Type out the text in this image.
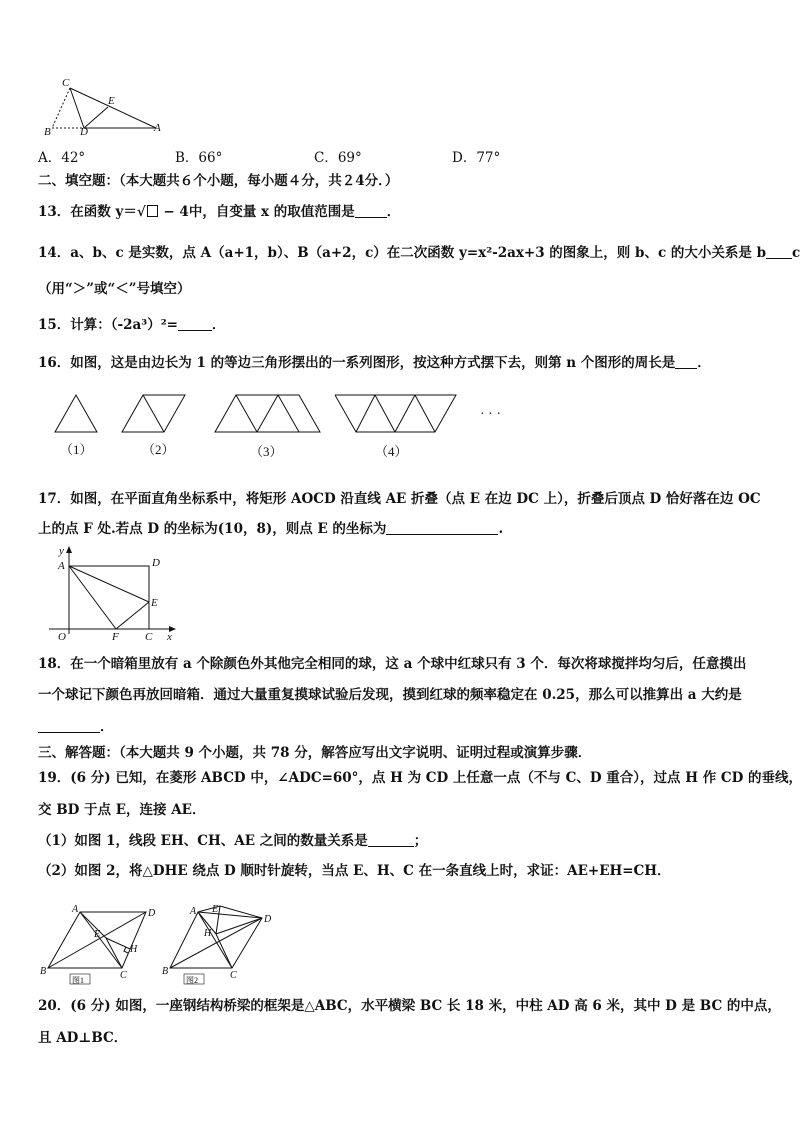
C
E
B	D	A
A．42°	B．66°	C．69°	D．77°
二、填空题：（本大题共６个小题，每小题４分，共２4分．）
13．在函数 y＝√ − 4中，自变量 x 的取值范围是 ．
14．a、b、c 是实数，点 A（a+1，b）、B（a+2，c）在二次函数 y=x²-2ax+3 的图象上，则 b、c 的大小关系是 b c
（用“＞”或“＜”号填空）
15．计算：（-2a³）²=	．
16．如图，这是由边长为 1 的等边三角形摆出的一系列图形，按这种方式摆下去，则第 n 个图形的周长是 ．
（1）	（2）	（3）	（4）
· · ·
17．如图，在平面直角坐标系中，将矩形 AOCD 沿直线 AE 折叠（点 E 在边 DC 上），折叠后顶点 D 恰好落在边 OC
上的点 F 处.若点 D 的坐标为(10，8)，则点 E 的坐标为	.
y
A	D
E
O	F C x
18．在一个暗箱里放有 a 个除颜色外其他完全相同的球，这 a 个球中红球只有 3 个．每次将球搅拌均匀后，任意摸出
一个球记下颜色再放回暗箱．通过大量重复摸球试验后发现，摸到红球的频率稳定在 0.25，那么可以推算出 a 大约是
．
三、解答题：（本大题共 9 个小题，共 78 分，解答应写出文字说明、证明过程或演算步骤．
19．(6 分) 已知，在菱形 ABCD 中，∠ADC=60°，点 H 为 CD 上任意一点（不与 C、D 重合），过点 H 作 CD 的垂线，
交 BD 于点 E，连接 AE．
（1）如图 1，线段 EH、CH、AE 之间的数量关系是	；
（2）如图 2，将△DHE 绕点 D 顺时针旋转，当点 E、H、C 在一条直线上时，求证：AE+EH=CH．
A	D
E
H
B	C
图1
A E
H
D
B	C
图2
20．(6 分) 如图，一座钢结构桥梁的框架是△ABC，水平横梁 BC 长 18 米，中柱 AD 高 6 米，其中 D 是 BC 的中点，
且 AD⊥BC．
